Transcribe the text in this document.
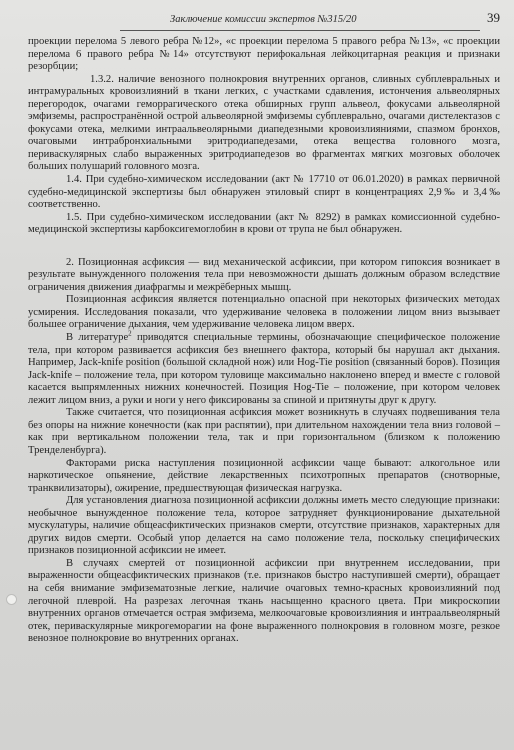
Заключение комиссии экспертов №315/20	39

проекции перелома 5 левого ребра №12», «с проекции перелома 5 правого ребра №13», «с проекции перелома 6 правого ребра №14» отсутствуют перифокальная лейкоцитарная реакция и признаки резорбции;

1.3.2. наличие венозного полнокровия внутренних органов, сливных субплевральных и интрамуральных кровоизлияний в ткани легких, с участками сдавления, истончения альвеолярных перегородок, очагами геморрагического отека обширных групп альвеол, фокусами альвеолярной эмфиземы, распространённой острой альвеолярной эмфиземы субплеврально, очагами дистелектазов с фокусами отека, мелкими интраальвеолярными диапедезными кровоизлияниями, спазмом бронхов, очаговыми интрабронхиальными эритродиапедезами, отека вещества головного мозга, периваскулярных слабо выраженных эритродиапедезов во фрагментах мягких мозговых оболочек больших полушарий головного мозга.

1.4. При судебно-химическом исследовании (акт № 17710 от 06.01.2020) в рамках первичной судебно-медицинской экспертизы был обнаружен этиловый спирт в концентрациях 2,9‰ и 3,4‰ соответственно.

1.5. При судебно-химическом исследовании (акт № 8292) в рамках комиссионной судебно-медицинской экспертизы карбоксигемоглобин в крови от трупа не был обнаружен.

2. Позиционная асфиксия — вид механической асфиксии, при котором гипоксия возникает в результате вынужденного положения тела при невозможности дышать должным образом вследствие ограничения движения диафрагмы и межрёберных мышц.

Позиционная асфиксия является потенциально опасной при некоторых физических методах усмирения. Исследования показали, что удерживание человека в положении лицом вниз вызывает большее ограничение дыхания, чем удерживание человека лицом вверх.

В литературе$^2$ приводятся специальные термины, обозначающие специфическое положение тела, при котором развивается асфиксия без внешнего фактора, который бы нарушал акт дыхания. Например, Jack-knife position (большой складной нож) или Hog-Tie position (связанный боров). Позиция Jack-knife – положение тела, при котором туловище максимально наклонено вперед и вместе с головой касается выпрямленных нижних конечностей. Позиция Hog-Tie – положение, при котором человек лежит лицом вниз, а руки и ноги у него фиксированы за спиной и притянуты друг к другу.

Также считается, что позиционная асфиксия может возникнуть в случаях подвешивания тела без опоры на нижние конечности (как при распятии), при длительном нахождении тела вниз головой – как при вертикальном положении тела, так и при горизонтальном (близком к положению Тренделенбурга).

Факторами риска наступления позиционной асфиксии чаще бывают: алкогольное или наркотическое опьянение, действие лекарственных психотропных препаратов (снотворные, транквилизаторы), ожирение, предшествующая физическая нагрузка.

Для установления диагноза позиционной асфиксии должны иметь место следующие признаки: необычное вынужденное положение тела, которое затрудняет функционирование дыхательной мускулатуры, наличие общеасфиктических признаков смерти, отсутствие признаков, характерных для других видов смерти. Особый упор делается на само положение тела, поскольку специфических признаков позиционной асфиксии не имеет.

В случаях смертей от позиционной асфиксии при внутреннем исследовании, при выраженности общеасфиктических признаков (т.е. признаков быстро наступившей смерти), обращает на себя внимание эмфизематозные легкие, наличие очаговых темно-красных кровоизлияний под легочной плеврой. На разрезах легочная ткань насыщенно красного цвета. При микроскопии внутренних органов отмечается острая эмфизема, мелкоочаговые кровоизлияния и интраальвеолярный отек, периваскулярные микрогеморагии на фоне выраженного полнокровия в головном мозге, резкое венозное полнокровие во внутренних органах.
